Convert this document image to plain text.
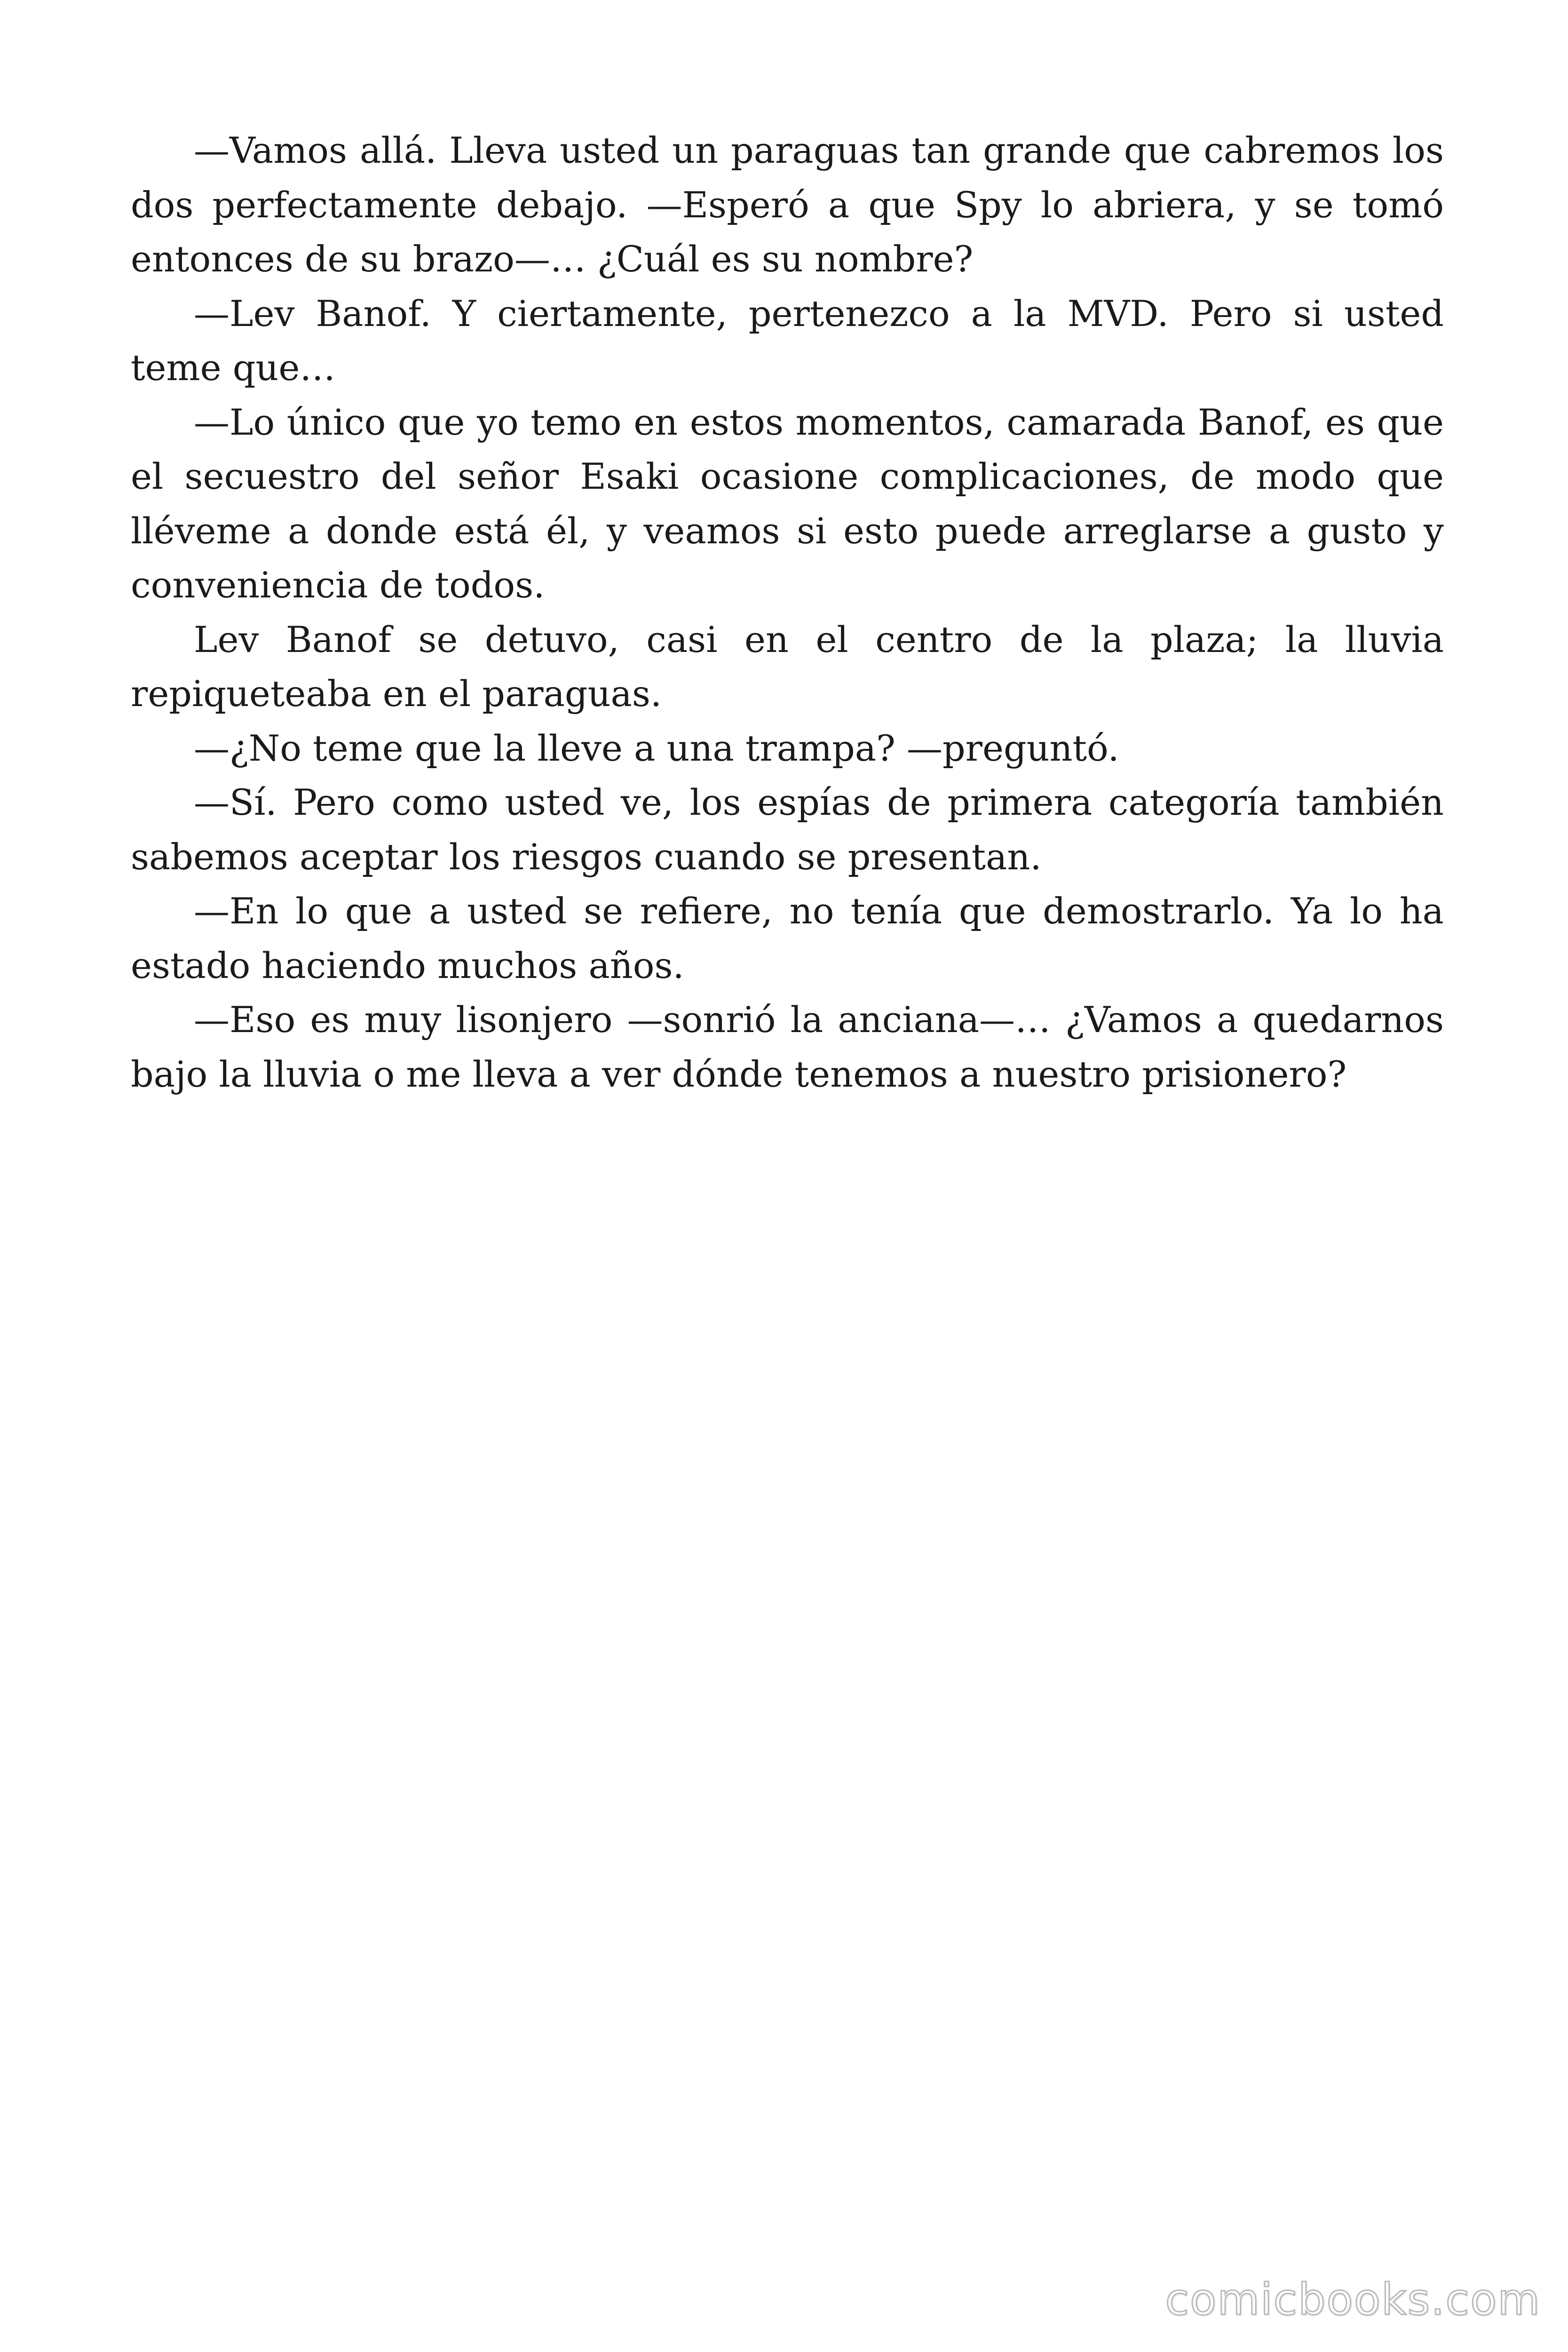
—Vamos allá. Lleva usted un paraguas tan grande que cabremos los dos perfectamente debajo. —Esperó a que Spy lo abriera, y se tomó entonces de su brazo—… ¿Cuál es su nombre?

—Lev Banof. Y ciertamente, pertenezco a la MVD. Pero si usted teme que…

—Lo único que yo temo en estos momentos, camarada Banof, es que el secuestro del señor Esaki ocasione complicaciones, de modo que lléveme a donde está él, y veamos si esto puede arreglarse a gusto y conveniencia de todos.

Lev Banof se detuvo, casi en el centro de la plaza; la lluvia repiqueteaba en el paraguas.

—¿No teme que la lleve a una trampa? —preguntó.

—Sí. Pero como usted ve, los espías de primera categoría también sabemos aceptar los riesgos cuando se presentan.

—En lo que a usted se refiere, no tenía que demostrarlo. Ya lo ha estado haciendo muchos años.

—Eso es muy lisonjero —sonrió la anciana—… ¿Vamos a quedarnos bajo la lluvia o me lleva a ver dónde tenemos a nuestro prisionero?

comicbooks.com
